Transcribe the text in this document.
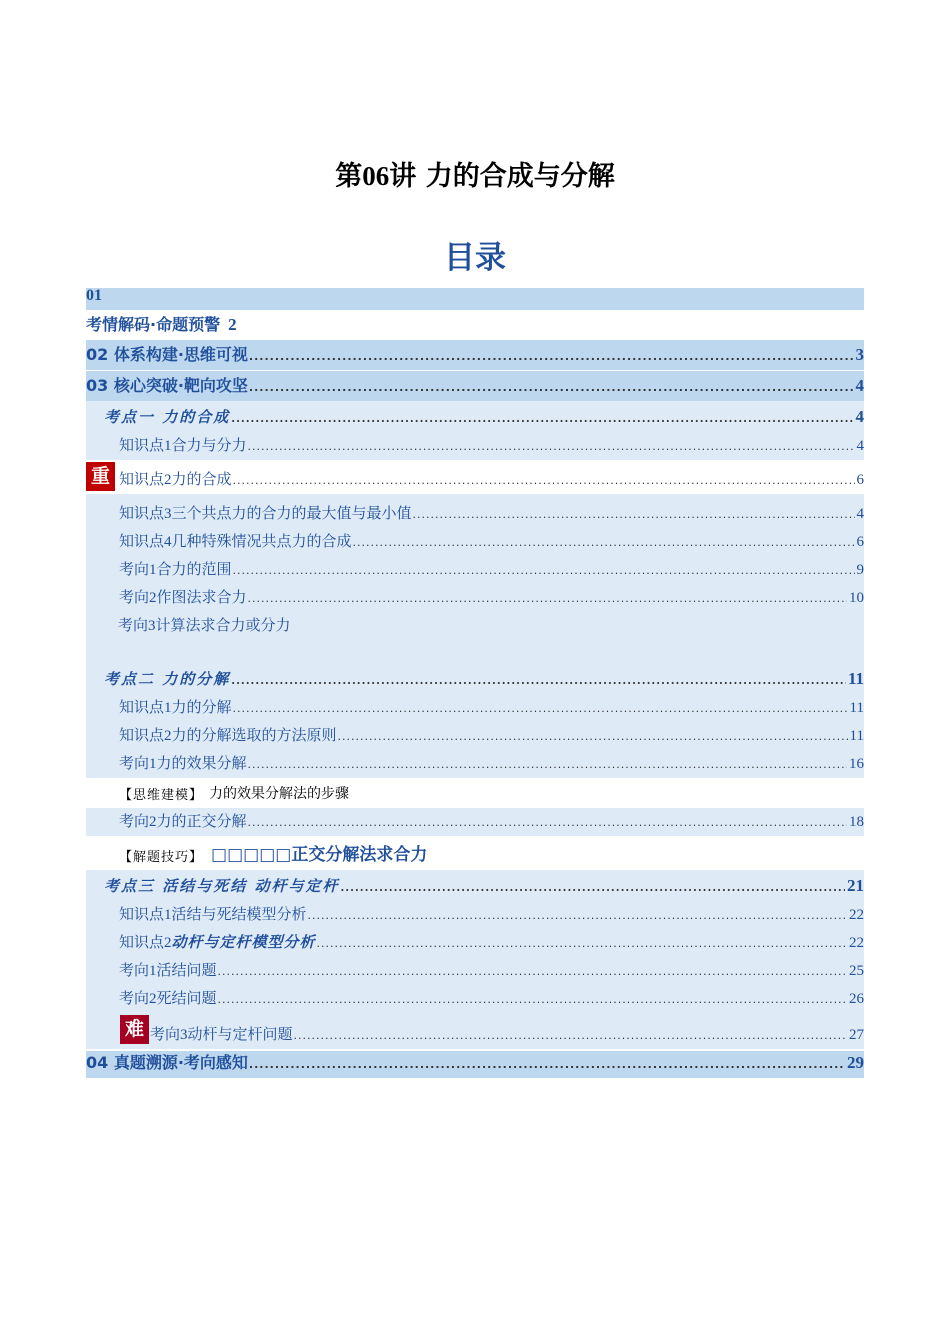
第06讲 力的合成与分解
目录
01
考情解码·命题预警 2
02 体系构建·思维可视 .....	3
03 核心突破·靶向攻坚 .....	4
考点一 力的合成 .....	4
知识点1合力与分力 .....	4
重 知识点2力的合成 .....	6
知识点3三个共点力的合力的最大值与最小值 .....	4
知识点4几种特殊情况共点力的合成 .....	6
考向1合力的范围 .....	9
考向2作图法求合力 .....	10
考向3计算法求合力或分力
考点二 力的分解 .....	11
知识点1力的分解 .....	11
知识点2力的分解选取的方法原则 .....	11
考向1力的效果分解 .....	16
【思维建模】 力的效果分解法的步骤
考向2力的正交分解 .....	18
【解题技巧】 □□□□□正交分解法求合力
考点三 活结与死结 动杆与定杆 .....	21
知识点1活结与死结模型分析 .....	22
知识点2动杆与定杆模型分析 .....	22
考向1活结问题 .....	25
考向2死结问题 .....	26
难 考向3动杆与定杆问题 .....	27
04 真题溯源·考向感知 .....	29
